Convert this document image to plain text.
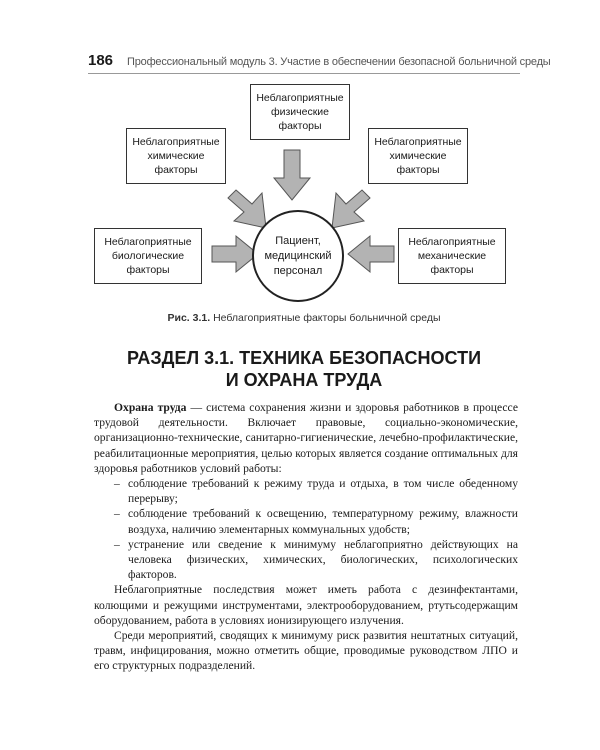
186 Профессиональный модуль 3. Участие в обеспечении безопасной больничной среды
Неблагоприятные
физические
факторы
Неблагоприятные
химические
факторы
Неблагоприятные
химические
факторы
Неблагоприятные
биологические
факторы
Неблагоприятные
механические
факторы
Пациент,
медицинский
персонал
Рис. 3.1. Неблагоприятные факторы больничной среды
РАЗДЕЛ 3.1. ТЕХНИКА БЕЗОПАСНОСТИ
И ОХРАНА ТРУДА

Охрана труда — система сохранения жизни и здоровья работников в процессе трудовой деятельности. Включает правовые, социально-экономические, организационно-технические, санитарно-гигиенические, лечебно-профилактические, реабилитационные мероприятия, целью которых является создание оптимальных для здоровья работников условий работы:

– соблюдение требований к режиму труда и отдыха, в том числе обеденному перерыву;
– соблюдение требований к освещению, температурному режиму, влажности воздуха, наличию элементарных коммунальных удобств;
– устранение или сведение к минимуму неблагоприятно действующих на человека физических, химических, биологических, психологических факторов.

Неблагоприятные последствия может иметь работа с дезинфектантами, колющими и режущими инструментами, электрооборудованием, ртутьсодержащим оборудованием, работа в условиях ионизирующего излучения.

Среди мероприятий, сводящих к минимуму риск развития нештатных ситуаций, травм, инфицирования, можно отметить общие, проводимые руководством ЛПО и его структурных подразделений.
